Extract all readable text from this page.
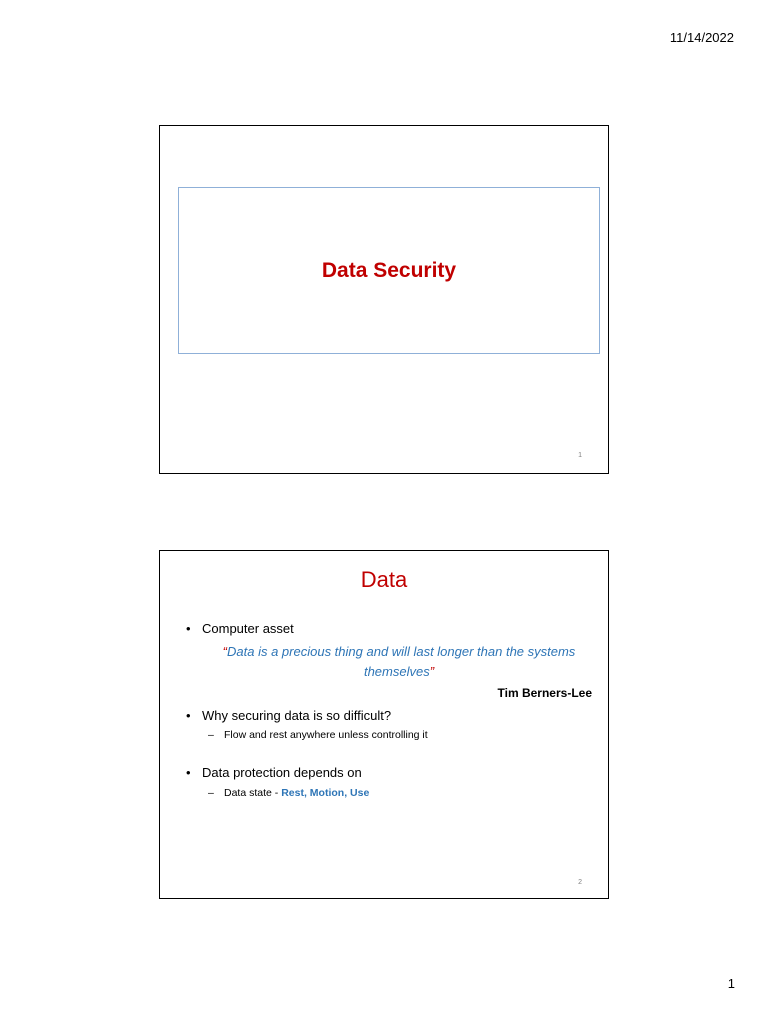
11/14/2022
Data Security
1
Data
• Computer asset
“Data is a precious thing and will last longer than the systems themselves”
Tim Berners-Lee
• Why securing data is so difficult?
– Flow and rest anywhere unless controlling it
• Data protection depends on
– Data state - Rest, Motion, Use
2
1
